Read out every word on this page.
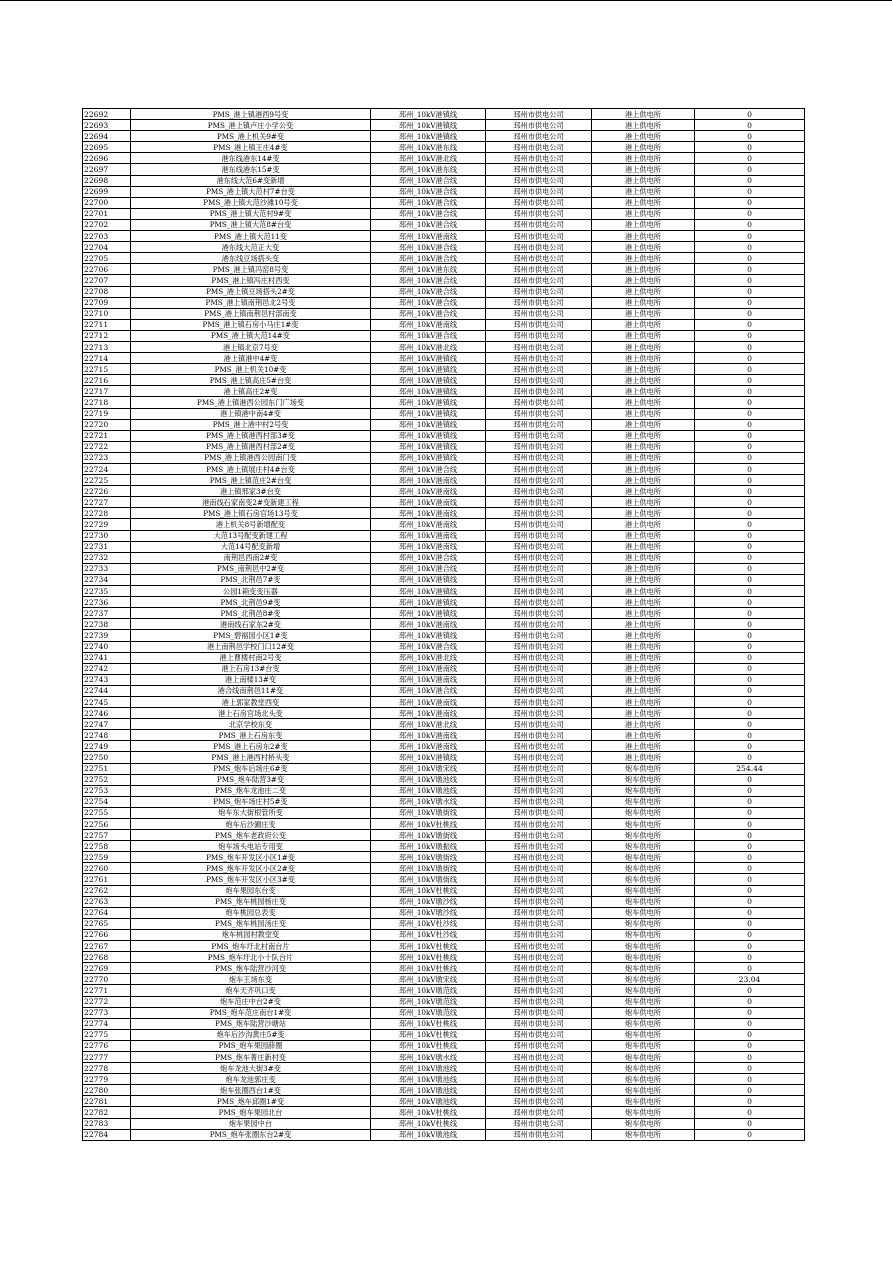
22692	PMS_港上镇港西9号变	邳州_10kV港镇线	邳州市供电公司	港上供电所	0
22693	PMS_港上镇卢庄小学公变	邳州_10kV港镇线	邳州市供电公司	港上供电所	0
22694	PMS_港上机关9#变	邳州_10kV港镇线	邳州市供电公司	港上供电所	0
22695	PMS_港上镇王庄4#变	邳州_10kV港东线	邳州市供电公司	港上供电所	0
22696	港东线港东14#变	邳州_10kV港北线	邳州市供电公司	港上供电所	0
22697	港东线港东15#变	邳州_10kV港东线	邳州市供电公司	港上供电所	0
22698	港东线大范6#变新增	邳州_10kV港合线	邳州市供电公司	港上供电所	0
22699	PMS_港上镇大范村7#台变	邳州_10kV港合线	邳州市供电公司	港上供电所	0
22700	PMS_港上镇大范沙滩10号变	邳州_10kV港合线	邳州市供电公司	港上供电所	0
22701	PMS_港上镇大范村9#变	邳州_10kV港合线	邳州市供电公司	港上供电所	0
22702	PMS_港上镇大范8#台变	邳州_10kV港合线	邳州市供电公司	港上供电所	0
22703	PMS_港上镇大范11变	邳州_10kV港南线	邳州市供电公司	港上供电所	0
22704	港东线大范正大变	邳州_10kV港合线	邳州市供电公司	港上供电所	0
22705	港东线豆场搭头变	邳州_10kV港合线	邳州市供电公司	港上供电所	0
22706	PMS_港上镇冯窑8号变	邳州_10kV港东线	邳州市供电公司	港上供电所	0
22707	PMS_港上镇冯庄村西变	邳州_10kV港合线	邳州市供电公司	港上供电所	0
22708	PMS_港上镇豆场搭头2#变	邳州_10kV港合线	邳州市供电公司	港上供电所	0
22709	PMS_港上镇南荆邑北2号变	邳州_10kV港合线	邳州市供电公司	港上供电所	0
22710	PMS_港上镇南荆邑村部南变	邳州_10kV港合线	邳州市供电公司	港上供电所	0
22711	PMS_港上镇石房小马庄1#变	邳州_10kV港南线	邳州市供电公司	港上供电所	0
22712	PMS_港上镇大范14#变	邳州_10kV港合线	邳州市供电公司	港上供电所	0
22713	港上镇北京7号变	邳州_10kV港北线	邳州市供电公司	港上供电所	0
22714	港上镇港中4#变	邳州_10kV港镇线	邳州市供电公司	港上供电所	0
22715	PMS_港上机关10#变	邳州_10kV港镇线	邳州市供电公司	港上供电所	0
22716	PMS_港上镇高庄5#台变	邳州_10kV港镇线	邳州市供电公司	港上供电所	0
22717	港上镇高庄2#变	邳州_10kV港镇线	邳州市供电公司	港上供电所	0
22718	PMS_港上镇港西公园东门广场变	邳州_10kV港镇线	邳州市供电公司	港上供电所	0
22719	港上镇港中南4#变	邳州_10kV港镇线	邳州市供电公司	港上供电所	0
22720	PMS_港上港中村2号变	邳州_10kV港镇线	邳州市供电公司	港上供电所	0
22721	PMS_港上镇港西村部3#变	邳州_10kV港镇线	邳州市供电公司	港上供电所	0
22722	PMS_港上镇港西村部2#变	邳州_10kV港镇线	邳州市供电公司	港上供电所	0
22723	PMS_港上镇港西公园南门变	邳州_10kV港镇线	邳州市供电公司	港上供电所	0
22724	PMS_港上镇展庄村4#台变	邳州_10kV港合线	邳州市供电公司	港上供电所	0
22725	PMS_港上镇范庄2#台变	邳州_10kV港南线	邳州市供电公司	港上供电所	0
22726	港上镇邢家3#台变	邳州_10kV港南线	邳州市供电公司	港上供电所	0
22727	港南线石家南变2#变新建工程	邳州_10kV港南线	邳州市供电公司	港上供电所	0
22728	PMS_港上镇石房官场13号变	邳州_10kV港南线	邳州市供电公司	港上供电所	0
22729	港上机关8号新增配变	邳州_10kV港南线	邳州市供电公司	港上供电所	0
22730	大范13号配变新建工程	邳州_10kV港南线	邳州市供电公司	港上供电所	0
22731	大范14号配变新增	邳州_10kV港南线	邳州市供电公司	港上供电所	0
22732	南荆邑西南2#变	邳州_10kV港合线	邳州市供电公司	港上供电所	0
22733	PMS_南荆邑中2#变	邳州_10kV港合线	邳州市供电公司	港上供电所	0
22734	PMS_北荆邑7#变	邳州_10kV港镇线	邳州市供电公司	港上供电所	0
22735	公园1箱变变压器	邳州_10kV港镇线	邳州市供电公司	港上供电所	0
22736	PMS_北荆邑9#变	邳州_10kV港镇线	邳州市供电公司	港上供电所	0
22737	PMS_北荆邑8#变	邳州_10kV港镇线	邳州市供电公司	港上供电所	0
22738	港南线石家东2#变	邳州_10kV港南线	邳州市供电公司	港上供电所	0
22739	PMS_碧福园小区1#变	邳州_10kV港镇线	邳州市供电公司	港上供电所	0
22740	港上南荆邑学校门口12#变	邳州_10kV港合线	邳州市供电公司	港上供电所	0
22741	港上曹楼村南2号变	邳州_10kV港北线	邳州市供电公司	港上供电所	0
22742	港上石房13#台变	邳州_10kV港南线	邳州市供电公司	港上供电所	0
22743	港上南楼13#变	邳州_10kV港南线	邳州市供电公司	港上供电所	0
22744	港合线南荆邑11#变	邳州_10kV港合线	邳州市供电公司	港上供电所	0
22745	港上郭家教堂西变	邳州_10kV港南线	邳州市供电公司	港上供电所	0
22746	港上石房官场北头变	邳州_10kV港南线	邳州市供电公司	港上供电所	0
22747	北京学校东变	邳州_10kV港北线	邳州市供电公司	港上供电所	0
22748	PMS_港上石房东变	邳州_10kV港南线	邳州市供电公司	港上供电所	0
22749	PMS_港上石房东2#变	邳州_10kV港南线	邳州市供电公司	港上供电所	0
22750	PMS_港上港西村桥头变	邳州_10kV港镇线	邳州市供电公司	港上供电所	0
22751	PMS_炮车后场庄6#变	邳州_10kV墩宋线	邳州市供电公司	炮车供电所	254.44
22752	PMS_炮车陆营3#变	邳州_10kV墩池线	邳州市供电公司	炮车供电所	0
22753	PMS_炮车龙池庄二变	邳州_10kV墩池线	邳州市供电公司	炮车供电所	0
22754	PMS_炮车场庄村5#变	邳州_10kV墩水线	邳州市供电公司	炮车供电所	0
22755	炮车东大街根管所变	邳州_10kV墩街线	邳州市供电公司	炮车供电所	0
22756	炮车后沙圃庄变	邳州_10kV杜桃线	邳州市供电公司	炮车供电所	0
22757	PMS_炮车老政府公变	邳州_10kV墩街线	邳州市供电公司	炮车供电所	0
22758	炮车场头电站专用变	邳州_10kV墩振线	邳州市供电公司	炮车供电所	0
22759	PMS_炮车开发区小区1#变	邳州_10kV墩街线	邳州市供电公司	炮车供电所	0
22760	PMS_炮车开发区小区2#变	邳州_10kV墩街线	邳州市供电公司	炮车供电所	0
22761	PMS_炮车开发区小区3#变	邳州_10kV墩街线	邳州市供电公司	炮车供电所	0
22762	炮车果园东台变	邳州_10kV杜桃线	邳州市供电公司	炮车供电所	0
22763	PMS_炮车桃园杨庄变	邳州_10kV墩沙线	邳州市供电公司	炮车供电所	0
22764	炮车桃园总表变	邳州_10kV墩沙线	邳州市供电公司	炮车供电所	0
22765	PMS_炮车桃园汤庄变	邳州_10kV杜沙线	邳州市供电公司	炮车供电所	0
22766	炮车桃园村教堂变	邳州_10kV杜沙线	邳州市供电公司	炮车供电所	0
22767	PMS_炮车圩北村南台片	邳州_10kV杜桃线	邳州市供电公司	炮车供电所	0
22768	PMS_炮车圩北小十队台片	邳州_10kV杜桃线	邳州市供电公司	炮车供电所	0
22769	PMS_炮车陆营沙河变	邳州_10kV杜桃线	邳州市供电公司	炮车供电所	0
22770	炮车王场东变	邳州_10kV墩宋线	邳州市供电公司	炮车供电所	23.04
22771	炮车天齐巩口变	邳州_10kV墩范线	邳州市供电公司	炮车供电所	0
22772	炮车范庄中台2#变	邳州_10kV墩范线	邳州市供电公司	炮车供电所	0
22773	PMS_炮车范庄南台1#变	邳州_10kV墩范线	邳州市供电公司	炮车供电所	0
22774	PMS_炮车陆营沙塘站	邳州_10kV杜桃线	邳州市供电公司	炮车供电所	0
22775	炮车后沙沟黄庄5#变	邳州_10kV杜桃线	邳州市供电公司	炮车供电所	0
22776	PMS_炮车果园薛圈	邳州_10kV杜桃线	邳州市供电公司	炮车供电所	0
22777	PMS_炮车菁庄新村变	邳州_10kV墩水线	邳州市供电公司	炮车供电所	0
22778	炮车龙池大街3#变	邳州_10kV墩池线	邳州市供电公司	炮车供电所	0
22779	炮车龙池郭庄变	邳州_10kV墩池线	邳州市供电公司	炮车供电所	0
22780	炮车张圈西台1#变	邳州_10kV墩池线	邳州市供电公司	炮车供电所	0
22781	PMS_炮车邱圈1#变	邳州_10kV墩池线	邳州市供电公司	炮车供电所	0
22782	PMS_炮车果园北台	邳州_10kV杜桃线	邳州市供电公司	炮车供电所	0
22783	炮车果园中台	邳州_10kV杜桃线	邳州市供电公司	炮车供电所	0
22784	PMS_炮车张圈东台2#变	邳州_10kV墩池线	邳州市供电公司	炮车供电所	0
